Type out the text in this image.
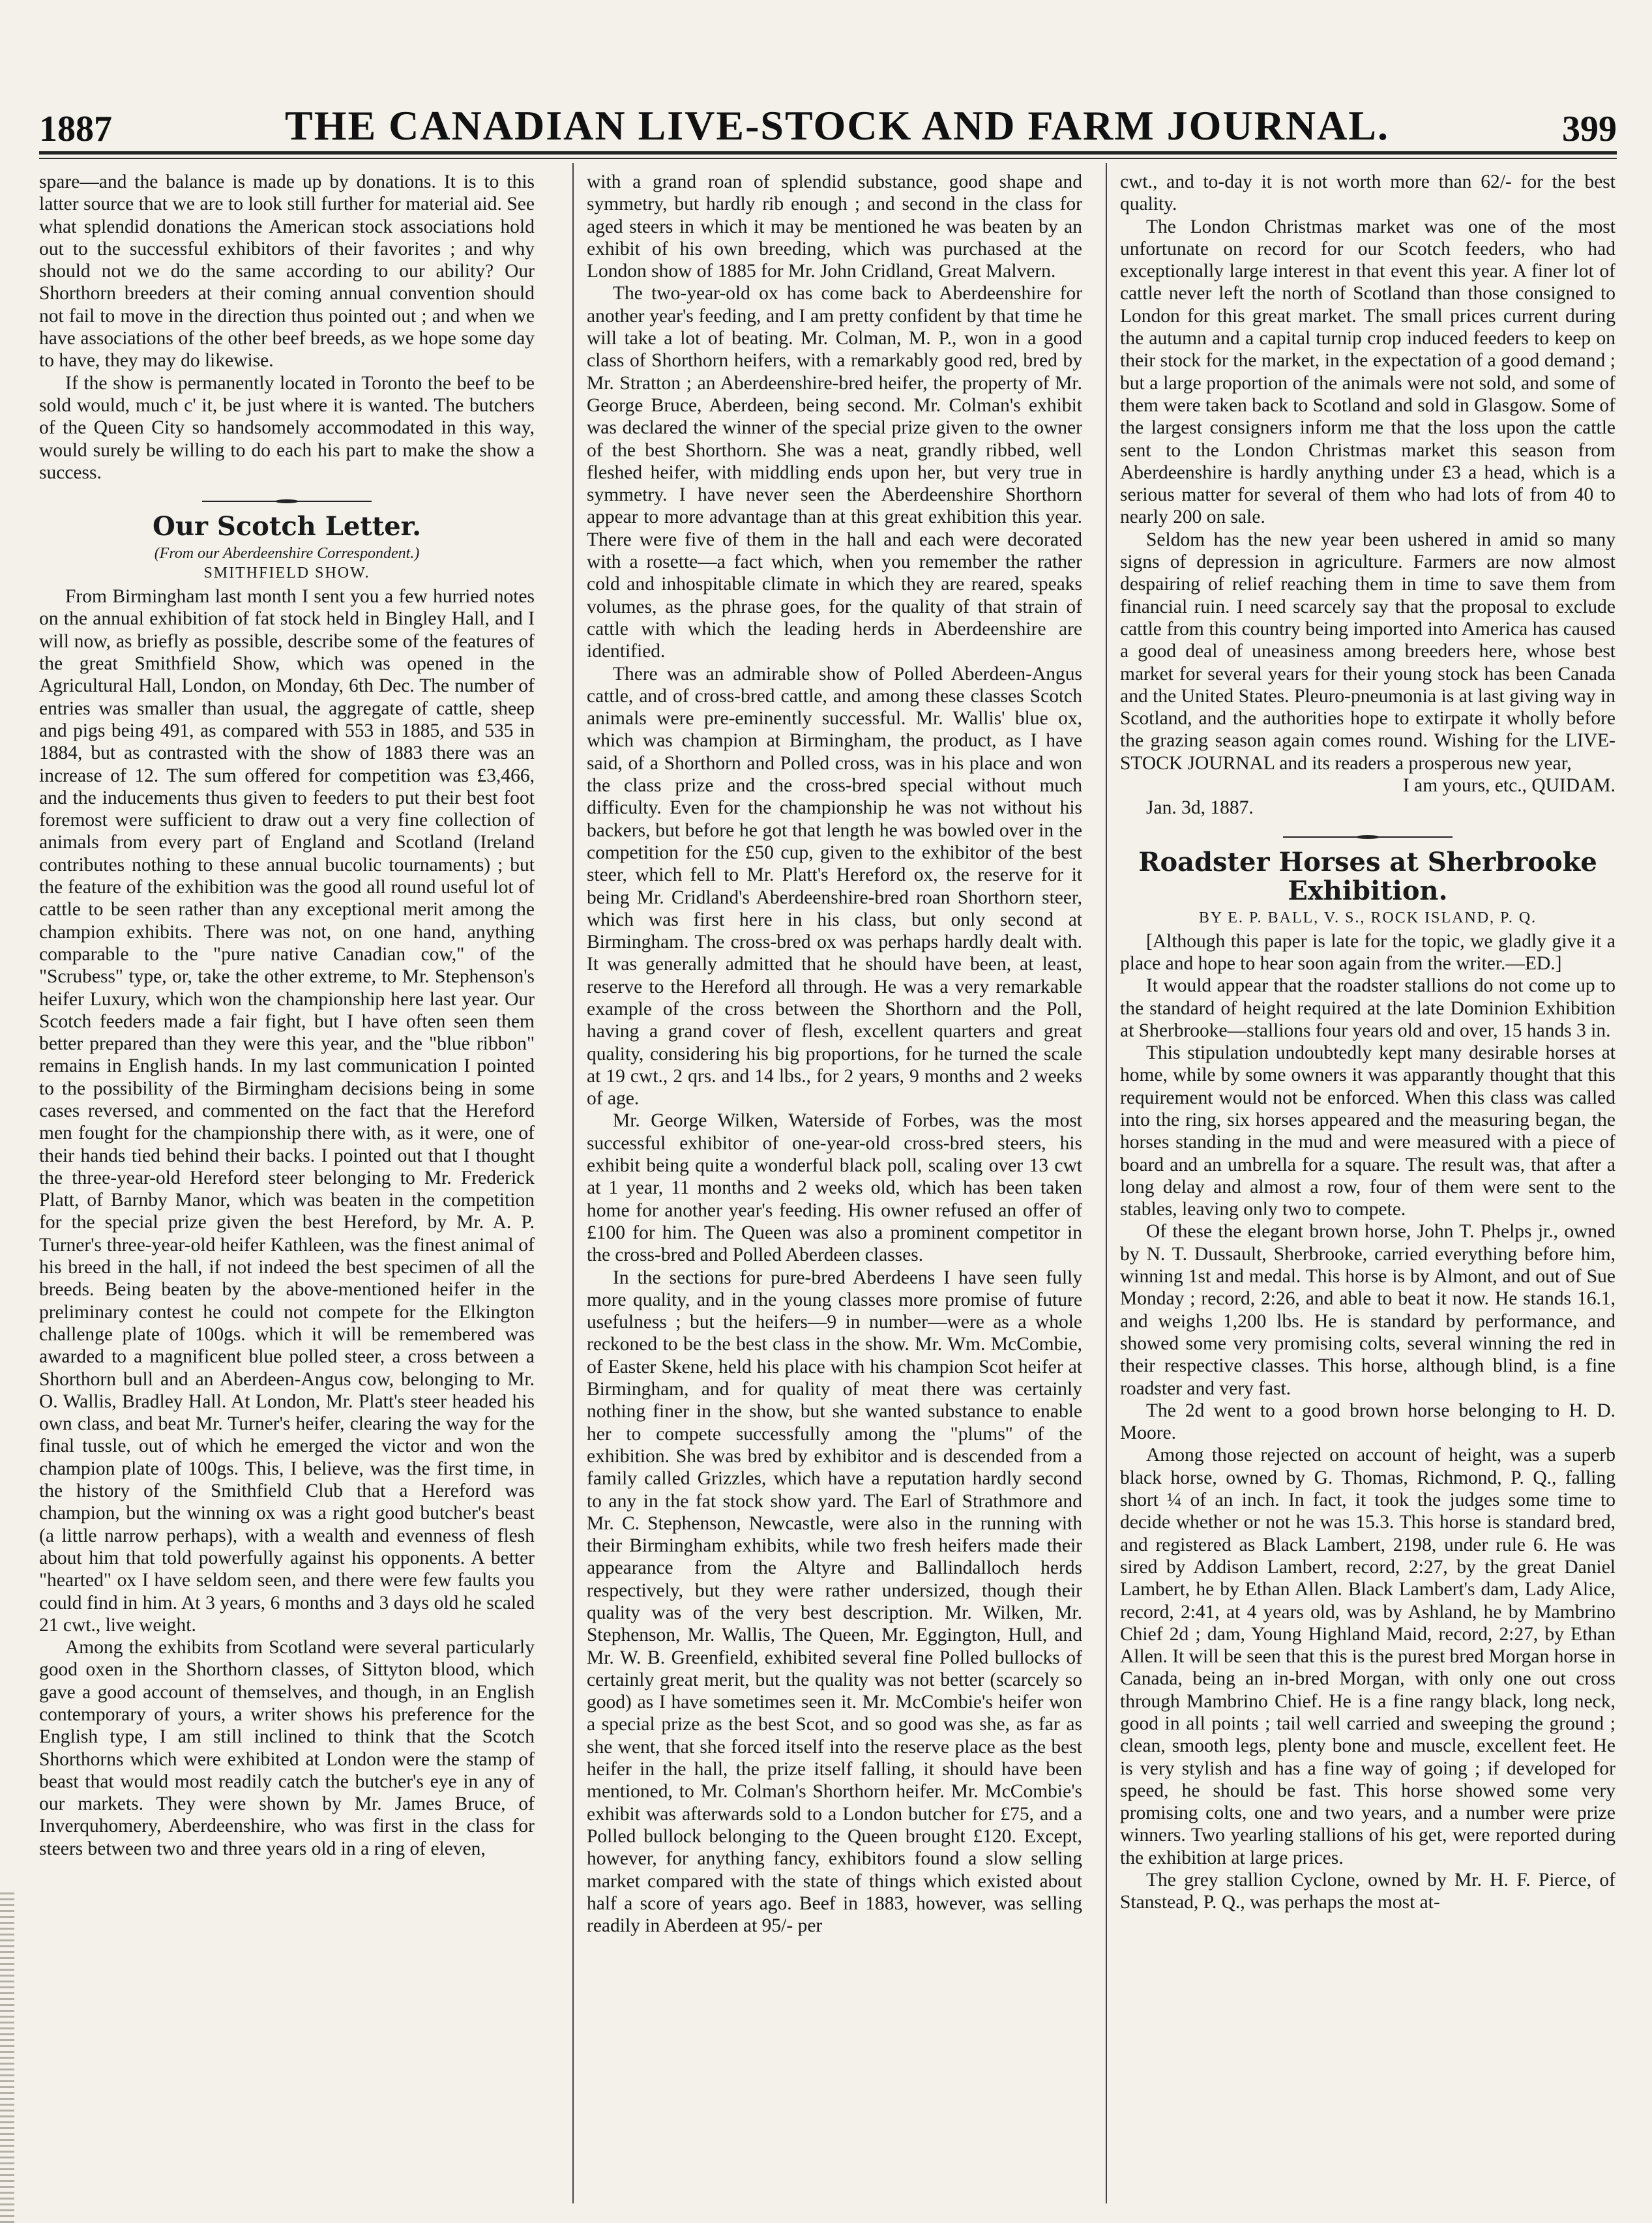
1887	THE CANADIAN LIVE-STOCK AND FARM JOURNAL.	399

spare—and the balance is made up by donations. It is to this latter source that we are to look still further for material aid. See what splendid donations the American stock associations hold out to the successful exhibitors of their favorites ; and why should not we do the same according to our ability? Our Shorthorn breeders at their coming annual convention should not fail to move in the direction thus pointed out ; and when we have associations of the other beef breeds, as we hope some day to have, they may do likewise.

If the show is permanently located in Toronto the beef to be sold would, much c' it, be just where it is wanted. The butchers of the Queen City so handsomely accommodated in this way, would surely be willing to do each his part to make the show a success.

Our Scotch Letter.
(From our Aberdeenshire Correspondent.)
SMITHFIELD SHOW.

From Birmingham last month I sent you a few hurried notes on the annual exhibition of fat stock held in Bingley Hall, and I will now, as briefly as possible, describe some of the features of the great Smithfield Show, which was opened in the Agricultural Hall, London, on Monday, 6th Dec. The number of entries was smaller than usual, the aggregate of cattle, sheep and pigs being 491, as compared with 553 in 1885, and 535 in 1884, but as contrasted with the show of 1883 there was an increase of 12. The sum offered for competition was £3,466, and the inducements thus given to feeders to put their best foot foremost were sufficient to draw out a very fine collection of animals from every part of England and Scotland (Ireland contributes nothing to these annual bucolic tournaments) ; but the feature of the exhibition was the good all round useful lot of cattle to be seen rather than any exceptional merit among the champion exhibits. There was not, on one hand, anything comparable to the "pure native Canadian cow," of the "Scrubess" type, or, take the other extreme, to Mr. Stephenson's heifer Luxury, which won the championship here last year. Our Scotch feeders made a fair fight, but I have often seen them better prepared than they were this year, and the "blue ribbon" remains in English hands. In my last communication I pointed to the possibility of the Birmingham decisions being in some cases reversed, and commented on the fact that the Hereford men fought for the championship there with, as it were, one of their hands tied behind their backs. I pointed out that I thought the three-year-old Hereford steer belonging to Mr. Frederick Platt, of Barnby Manor, which was beaten in the competition for the special prize given the best Hereford, by Mr. A. P. Turner's three-year-old heifer Kathleen, was the finest animal of his breed in the hall, if not indeed the best specimen of all the breeds. Being beaten by the above-mentioned heifer in the preliminary contest he could not compete for the Elkington challenge plate of 100gs. which it will be remembered was awarded to a magnificent blue polled steer, a cross between a Shorthorn bull and an Aberdeen-Angus cow, belonging to Mr. O. Wallis, Bradley Hall. At London, Mr. Platt's steer headed his own class, and beat Mr. Turner's heifer, clearing the way for the final tussle, out of which he emerged the victor and won the champion plate of 100gs. This, I believe, was the first time, in the history of the Smithfield Club that a Hereford was champion, but the winning ox was a right good butcher's beast (a little narrow perhaps), with a wealth and evenness of flesh about him that told powerfully against his opponents. A better "hearted" ox I have seldom seen, and there were few faults you could find in him. At 3 years, 6 months and 3 days old he scaled 21 cwt., live weight.

Among the exhibits from Scotland were several particularly good oxen in the Shorthorn classes, of Sittyton blood, which gave a good account of themselves, and though, in an English contemporary of yours, a writer shows his preference for the English type, I am still inclined to think that the Scotch Shorthorns which were exhibited at London were the stamp of beast that would most readily catch the butcher's eye in any of our markets. They were shown by Mr. James Bruce, of Inverquhomery, Aberdeenshire, who was first in the class for steers between two and three years old in a ring of eleven,

with a grand roan of splendid substance, good shape and symmetry, but hardly rib enough ; and second in the class for aged steers in which it may be mentioned he was beaten by an exhibit of his own breeding, which was purchased at the London show of 1885 for Mr. John Cridland, Great Malvern.

The two-year-old ox has come back to Aberdeenshire for another year's feeding, and I am pretty confident by that time he will take a lot of beating. Mr. Colman, M. P., won in a good class of Shorthorn heifers, with a remarkably good red, bred by Mr. Stratton ; an Aberdeenshire-bred heifer, the property of Mr. George Bruce, Aberdeen, being second. Mr. Colman's exhibit was declared the winner of the special prize given to the owner of the best Shorthorn. She was a neat, grandly ribbed, well fleshed heifer, with middling ends upon her, but very true in symmetry. I have never seen the Aberdeenshire Shorthorn appear to more advantage than at this great exhibition this year. There were five of them in the hall and each were decorated with a rosette—a fact which, when you remember the rather cold and inhospitable climate in which they are reared, speaks volumes, as the phrase goes, for the quality of that strain of cattle with which the leading herds in Aberdeenshire are identified.

There was an admirable show of Polled Aberdeen-Angus cattle, and of cross-bred cattle, and among these classes Scotch animals were pre-eminently successful. Mr. Wallis' blue ox, which was champion at Birmingham, the product, as I have said, of a Shorthorn and Polled cross, was in his place and won the class prize and the cross-bred special without much difficulty. Even for the championship he was not without his backers, but before he got that length he was bowled over in the competition for the £50 cup, given to the exhibitor of the best steer, which fell to Mr. Platt's Hereford ox, the reserve for it being Mr. Cridland's Aberdeenshire-bred roan Shorthorn steer, which was first here in his class, but only second at Birmingham. The cross-bred ox was perhaps hardly dealt with. It was generally admitted that he should have been, at least, reserve to the Hereford all through. He was a very remarkable example of the cross between the Shorthorn and the Poll, having a grand cover of flesh, excellent quarters and great quality, considering his big proportions, for he turned the scale at 19 cwt., 2 qrs. and 14 lbs., for 2 years, 9 months and 2 weeks of age.

Mr. George Wilken, Waterside of Forbes, was the most successful exhibitor of one-year-old cross-bred steers, his exhibit being quite a wonderful black poll, scaling over 13 cwt at 1 year, 11 months and 2 weeks old, which has been taken home for another year's feeding. His owner refused an offer of £100 for him. The Queen was also a prominent competitor in the cross-bred and Polled Aberdeen classes.

In the sections for pure-bred Aberdeens I have seen fully more quality, and in the young classes more promise of future usefulness ; but the heifers—9 in number—were as a whole reckoned to be the best class in the show. Mr. Wm. McCombie, of Easter Skene, held his place with his champion Scot heifer at Birmingham, and for quality of meat there was certainly nothing finer in the show, but she wanted substance to enable her to compete successfully among the "plums" of the exhibition. She was bred by exhibitor and is descended from a family called Grizzles, which have a reputation hardly second to any in the fat stock show yard. The Earl of Strathmore and Mr. C. Stephenson, Newcastle, were also in the running with their Birmingham exhibits, while two fresh heifers made their appearance from the Altyre and Ballindalloch herds respectively, but they were rather undersized, though their quality was of the very best description. Mr. Wilken, Mr. Stephenson, Mr. Wallis, The Queen, Mr. Eggington, Hull, and Mr. W. B. Greenfield, exhibited several fine Polled bullocks of certainly great merit, but the quality was not better (scarcely so good) as I have sometimes seen it. Mr. McCombie's heifer won a special prize as the best Scot, and so good was she, as far as she went, that she forced itself into the reserve place as the best heifer in the hall, the prize itself falling, it should have been mentioned, to Mr. Colman's Shorthorn heifer. Mr. McCombie's exhibit was afterwards sold to a London butcher for £75, and a Polled bullock belonging to the Queen brought £120. Except, however, for anything fancy, exhibitors found a slow selling market compared with the state of things which existed about half a score of years ago. Beef in 1883, however, was selling readily in Aberdeen at 95/- per

cwt., and to-day it is not worth more than 62/- for the best quality.

The London Christmas market was one of the most unfortunate on record for our Scotch feeders, who had exceptionally large interest in that event this year. A finer lot of cattle never left the north of Scotland than those consigned to London for this great market. The small prices current during the autumn and a capital turnip crop induced feeders to keep on their stock for the market, in the expectation of a good demand ; but a large proportion of the animals were not sold, and some of them were taken back to Scotland and sold in Glasgow. Some of the largest consigners inform me that the loss upon the cattle sent to the London Christmas market this season from Aberdeenshire is hardly anything under £3 a head, which is a serious matter for several of them who had lots of from 40 to nearly 200 on sale.

Seldom has the new year been ushered in amid so many signs of depression in agriculture. Farmers are now almost despairing of relief reaching them in time to save them from financial ruin. I need scarcely say that the proposal to exclude cattle from this country being imported into America has caused a good deal of uneasiness among breeders here, whose best market for several years for their young stock has been Canada and the United States. Pleuro-pneumonia is at last giving way in Scotland, and the authorities hope to extirpate it wholly before the grazing season again comes round. Wishing for the LIVE-STOCK JOURNAL and its readers a prosperous new year,

I am yours, etc., QUIDAM.

Jan. 3d, 1887.

Roadster Horses at Sherbrooke Exhibition.
BY E. P. BALL, V. S., ROCK ISLAND, P. Q.

[Although this paper is late for the topic, we gladly give it a place and hope to hear soon again from the writer.—ED.]

It would appear that the roadster stallions do not come up to the standard of height required at the late Dominion Exhibition at Sherbrooke—stallions four years old and over, 15 hands 3 in.

This stipulation undoubtedly kept many desirable horses at home, while by some owners it was apparantly thought that this requirement would not be enforced. When this class was called into the ring, six horses appeared and the measuring began, the horses standing in the mud and were measured with a piece of board and an umbrella for a square. The result was, that after a long delay and almost a row, four of them were sent to the stables, leaving only two to compete.

Of these the elegant brown horse, John T. Phelps jr., owned by N. T. Dussault, Sherbrooke, carried everything before him, winning 1st and medal. This horse is by Almont, and out of Sue Monday ; record, 2:26, and able to beat it now. He stands 16.1, and weighs 1,200 lbs. He is standard by performance, and showed some very promising colts, several winning the red in their respective classes. This horse, although blind, is a fine roadster and very fast.

The 2d went to a good brown horse belonging to H. D. Moore.

Among those rejected on account of height, was a superb black horse, owned by G. Thomas, Richmond, P. Q., falling short ¼ of an inch. In fact, it took the judges some time to decide whether or not he was 15.3. This horse is standard bred, and registered as Black Lambert, 2198, under rule 6. He was sired by Addison Lambert, record, 2:27, by the great Daniel Lambert, he by Ethan Allen. Black Lambert's dam, Lady Alice, record, 2:41, at 4 years old, was by Ashland, he by Mambrino Chief 2d ; dam, Young Highland Maid, record, 2:27, by Ethan Allen. It will be seen that this is the purest bred Morgan horse in Canada, being an in-bred Morgan, with only one out cross through Mambrino Chief. He is a fine rangy black, long neck, good in all points ; tail well carried and sweeping the ground ; clean, smooth legs, plenty bone and muscle, excellent feet. He is very stylish and has a fine way of going ; if developed for speed, he should be fast. This horse showed some very promising colts, one and two years, and a number were prize winners. Two yearling stallions of his get, were reported during the exhibition at large prices.

The grey stallion Cyclone, owned by Mr. H. F. Pierce, of Stanstead, P. Q., was perhaps the most at-
